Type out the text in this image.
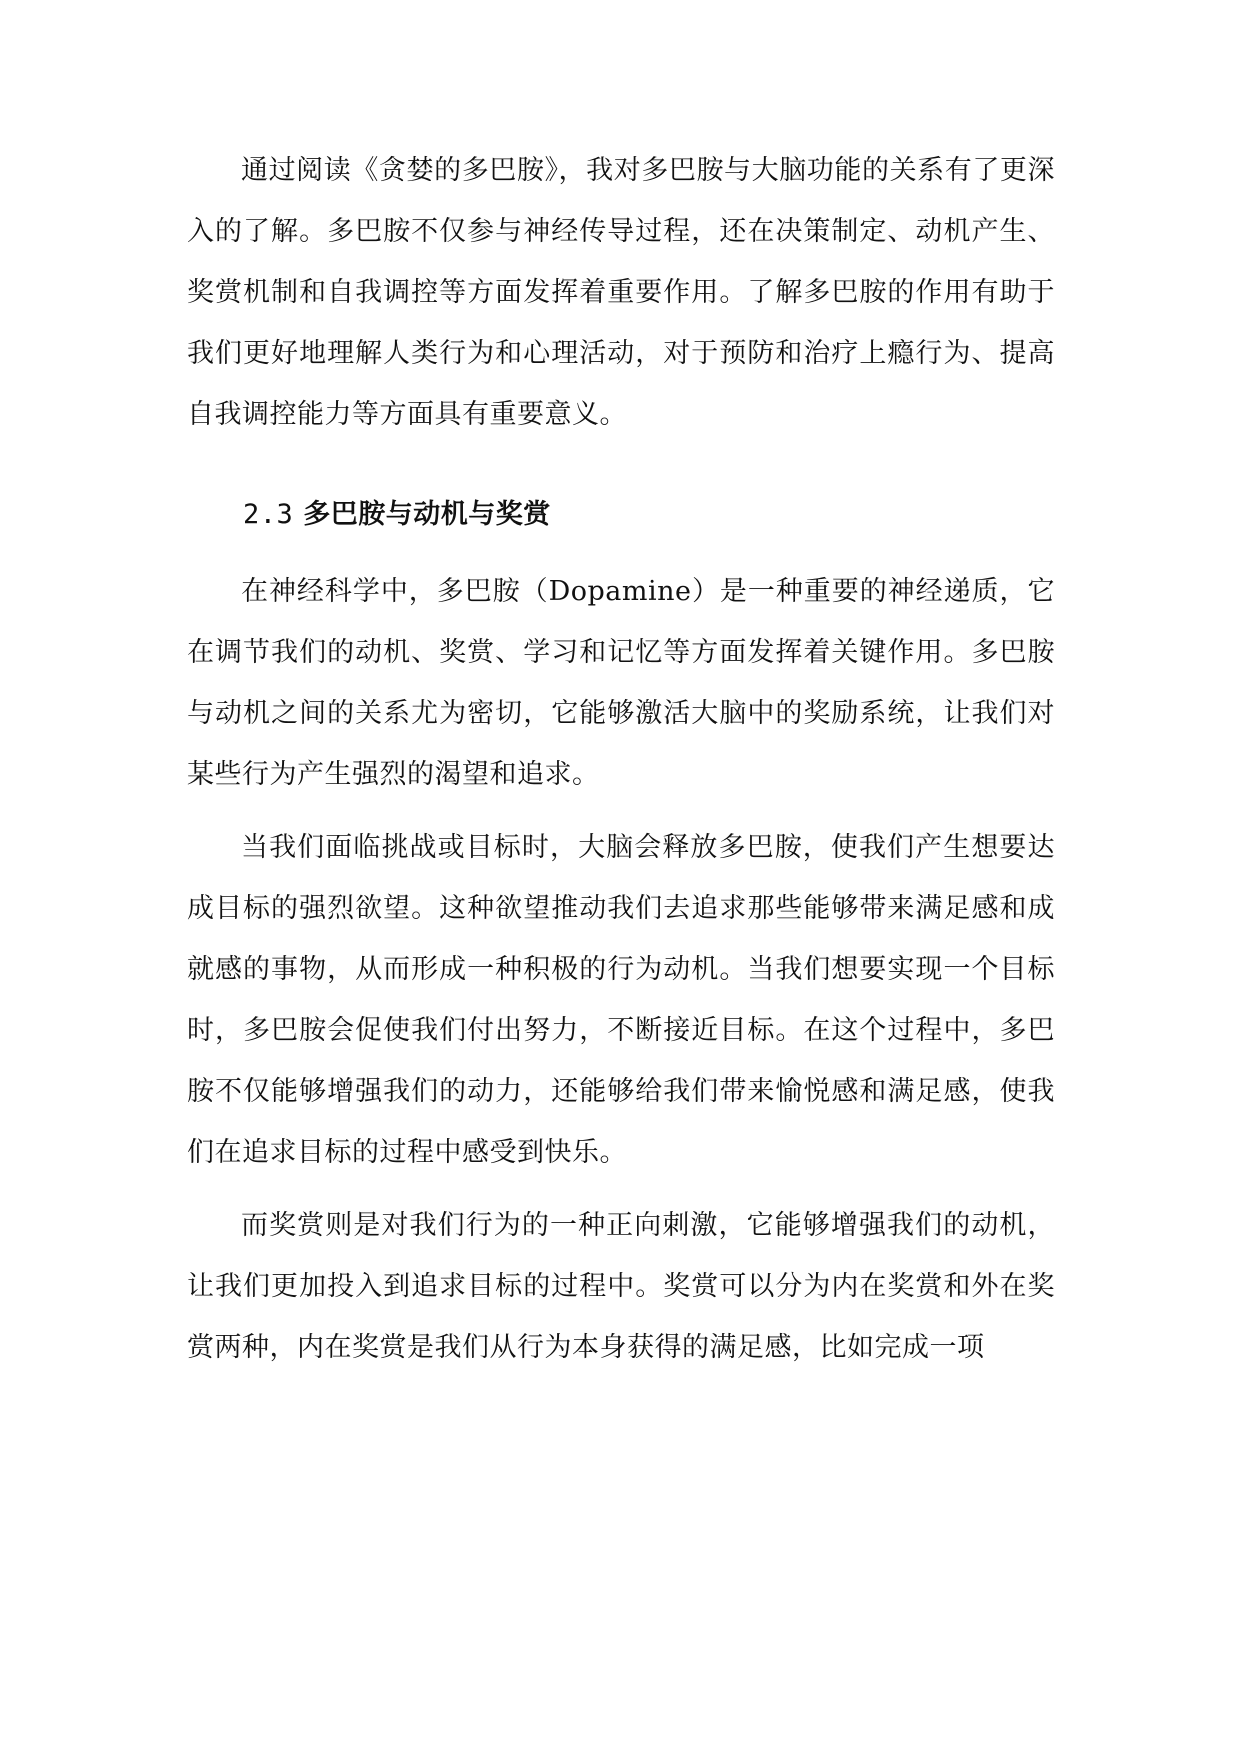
通过阅读《贪婪的多巴胺》，我对多巴胺与大脑功能的关系有了更深入的了解。多巴胺不仅参与神经传导过程，还在决策制定、动机产生、奖赏机制和自我调控等方面发挥着重要作用。了解多巴胺的作用有助于我们更好地理解人类行为和心理活动，对于预防和治疗上瘾行为、提高自我调控能力等方面具有重要意义。

2.3 多巴胺与动机与奖赏

在神经科学中，多巴胺（Dopamine）是一种重要的神经递质，它在调节我们的动机、奖赏、学习和记忆等方面发挥着关键作用。多巴胺与动机之间的关系尤为密切，它能够激活大脑中的奖励系统，让我们对某些行为产生强烈的渴望和追求。

当我们面临挑战或目标时，大脑会释放多巴胺，使我们产生想要达成目标的强烈欲望。这种欲望推动我们去追求那些能够带来满足感和成就感的事物，从而形成一种积极的行为动机。当我们想要实现一个目标时，多巴胺会促使我们付出努力，不断接近目标。在这个过程中，多巴胺不仅能够增强我们的动力，还能够给我们带来愉悦感和满足感，使我们在追求目标的过程中感受到快乐。

而奖赏则是对我们行为的一种正向刺激，它能够增强我们的动机，让我们更加投入到追求目标的过程中。奖赏可以分为内在奖赏和外在奖赏两种，内在奖赏是我们从行为本身获得的满足感，比如完成一项
